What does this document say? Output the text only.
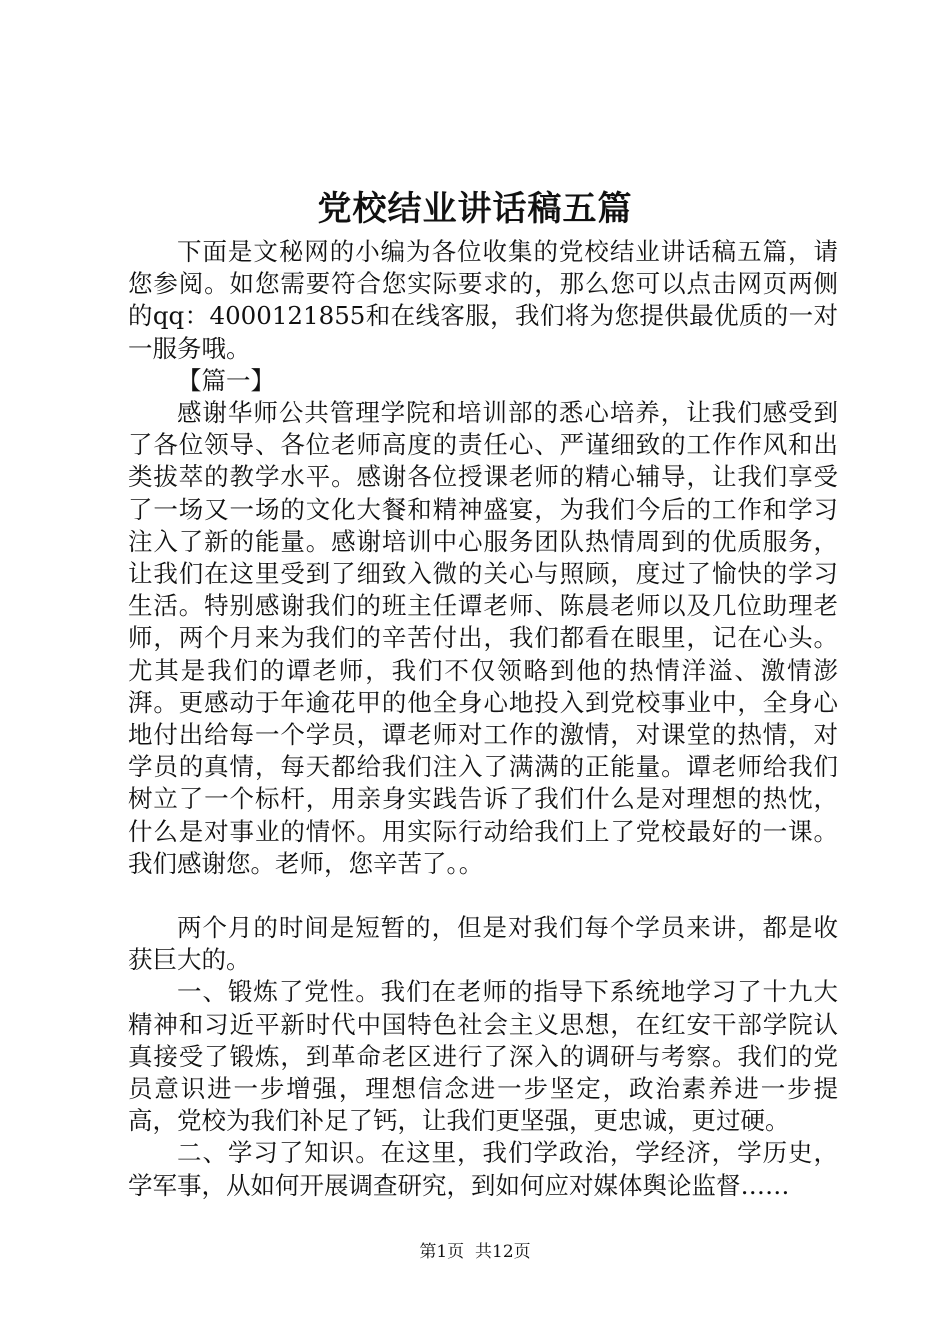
党校结业讲话稿五篇

下面是文秘网的小编为各位收集的党校结业讲话稿五篇，请您参阅。如您需要符合您实际要求的，那么您可以点击网页两侧的qq：4000121855和在线客服，我们将为您提供最优质的一对一服务哦。

【篇一】

感谢华师公共管理学院和培训部的悉心培养，让我们感受到了各位领导、各位老师高度的责任心、严谨细致的工作作风和出类拔萃的教学水平。感谢各位授课老师的精心辅导，让我们享受了一场又一场的文化大餐和精神盛宴，为我们今后的工作和学习注入了新的能量。感谢培训中心服务团队热情周到的优质服务，让我们在这里受到了细致入微的关心与照顾，度过了愉快的学习生活。特别感谢我们的班主任谭老师、陈晨老师以及几位助理老师，两个月来为我们的辛苦付出，我们都看在眼里，记在心头。尤其是我们的谭老师，我们不仅领略到他的热情洋溢、激情澎湃。更感动于年逾花甲的他全身心地投入到党校事业中，全身心地付出给每一个学员，谭老师对工作的激情，对课堂的热情，对学员的真情，每天都给我们注入了满满的正能量。谭老师给我们树立了一个标杆，用亲身实践告诉了我们什么是对理想的热忱，什么是对事业的情怀。用实际行动给我们上了党校最好的一课。我们感谢您。老师，您辛苦了。。

两个月的时间是短暂的，但是对我们每个学员来讲，都是收获巨大的。

一、锻炼了党性。我们在老师的指导下系统地学习了十九大精神和习近平新时代中国特色社会主义思想，在红安干部学院认真接受了锻炼，到革命老区进行了深入的调研与考察。我们的党员意识进一步增强，理想信念进一步坚定，政治素养进一步提高，党校为我们补足了钙，让我们更坚强，更忠诚，更过硬。

二、学习了知识。在这里，我们学政治，学经济，学历史，学军事，从如何开展调查研究，到如何应对媒体舆论监督……

第1页 共12页
